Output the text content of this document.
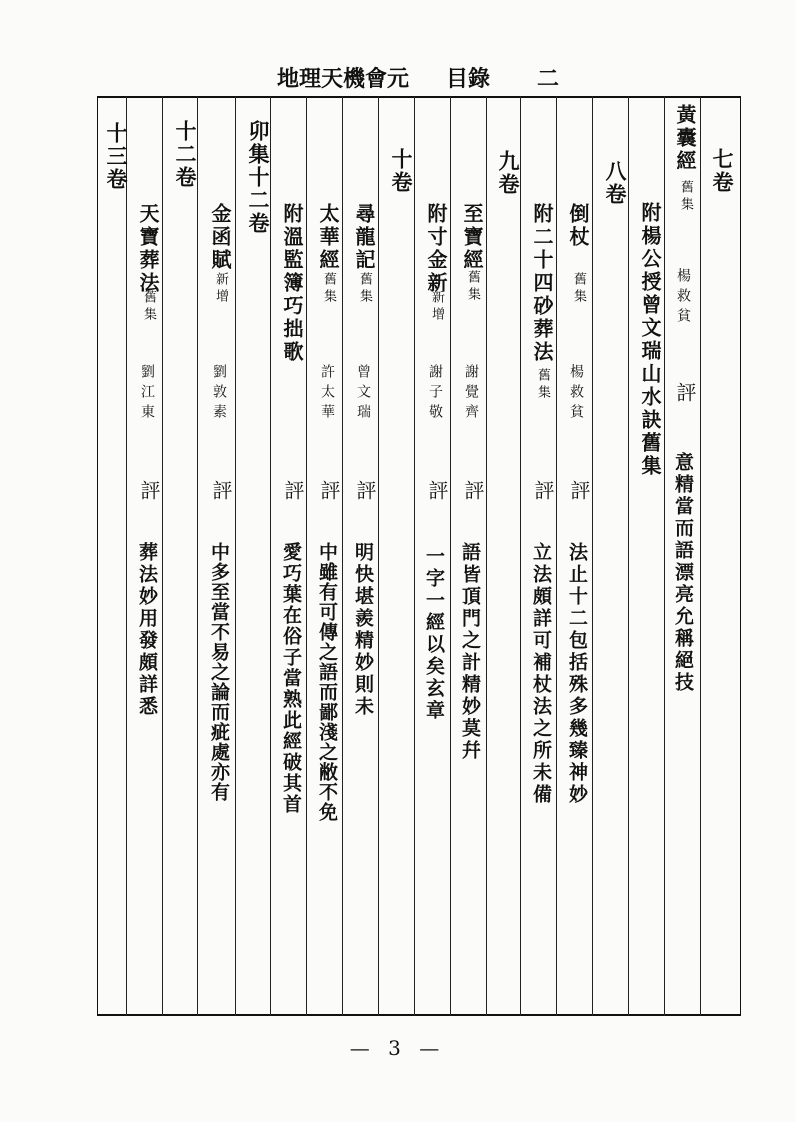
地理天機會元 目錄 二
七卷
黃囊經
舊集
楊救貧
評
意精當而語漂亮允稱絕技
附楊公授曾文瑞山水訣舊集
八卷
倒杖
舊集
楊救貧
評
法止十二包括殊多幾臻神妙
附二十四砂葬法
舊集
評
立法頗詳可補杖法之所未備
九卷
至寶經
舊集
謝覺齊
評
語皆頂門之計精妙莫幷
附寸金新
新增
謝子敬
評
一字一經以矣玄章
十卷
尋龍記
舊集
曾文瑞
評
明快堪羨精妙則未
太華經
舊集
許太華
評
中雖有可傳之語而鄙淺之敝不免
附溫監簿巧拙歌
評
愛巧葉在俗子當熟此經破其首
卯集十二卷
金函賦
新增
劉敦素
評
中多至當不易之論而疵處亦有
十二卷
天寶葬法
舊集
劉江東
評
葬法妙用發頗詳悉
十三卷
— 3 —
